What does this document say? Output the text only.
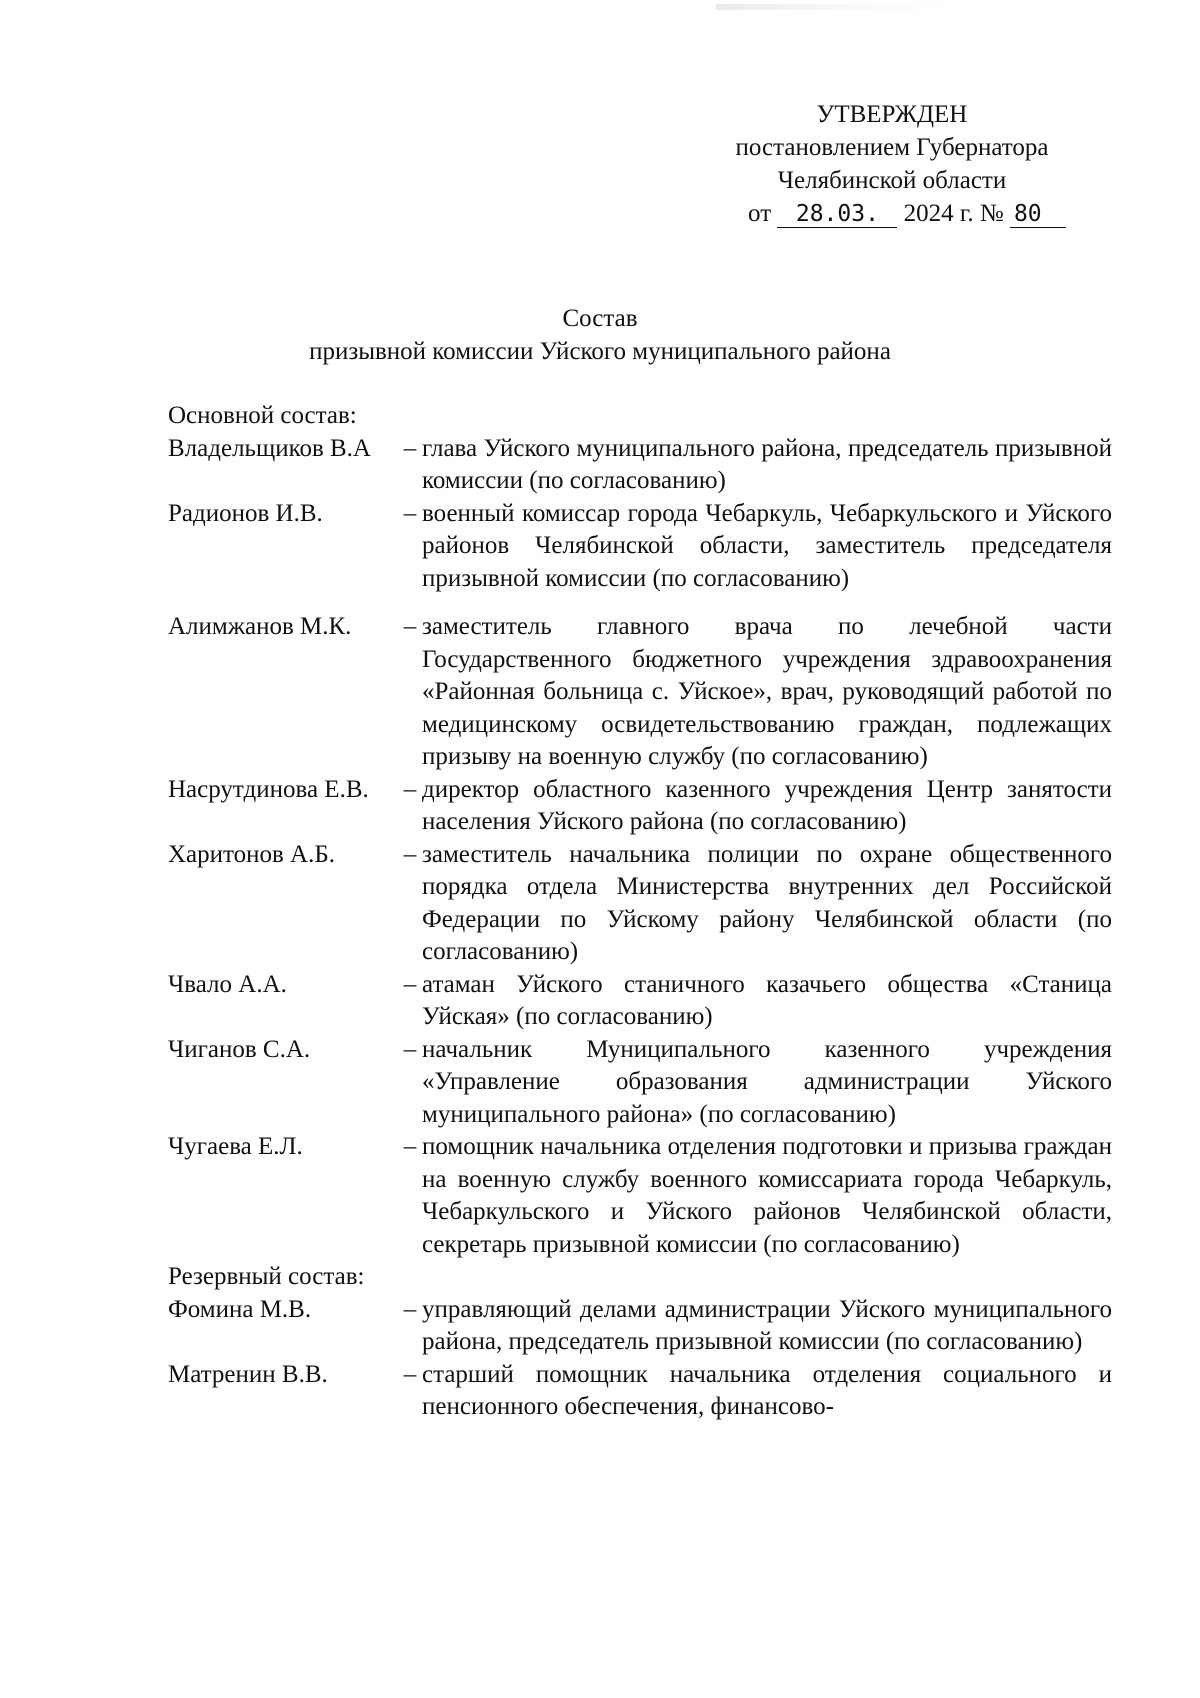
УТВЕРЖДЕН
постановлением Губернатора
Челябинской области
от 28.03. 2024 г. № 80
Состав
призывной комиссии Уйского муниципального района
Основной состав:
Владельщиков В.А	– глава Уйского муниципального района, председатель призывной комиссии (по согласованию)
Радионов И.В.	– военный комиссар города Чебаркуль, Чебаркульского и Уйского районов Челябинской области, заместитель председателя призывной комиссии (по согласованию)
Алимжанов М.К.	– заместитель главного врача по лечебной части Государственного бюджетного учреждения здравоохранения «Районная больница с. Уйское», врач, руководящий работой по медицинскому освидетельствованию граждан, подлежащих призыву на военную службу (по согласованию)
Насрутдинова Е.В.	– директор областного казенного учреждения Центр занятости населения Уйского района (по согласованию)
Харитонов А.Б.	– заместитель начальника полиции по охране общественного порядка отдела Министерства внутренних дел Российской Федерации по Уйскому району Челябинской области (по согласованию)
Чвало А.А.	– атаман Уйского станичного казачьего общества «Станица Уйская» (по согласованию)
Чиганов С.А.	– начальник Муниципального казенного учреждения «Управление образования администрации Уйского муниципального района» (по согласованию)
Чугаева Е.Л.	– помощник начальника отделения подготовки и призыва граждан на военную службу военного комиссариата города Чебаркуль, Чебаркульского и Уйского районов Челябинской области, секретарь призывной комиссии (по согласованию)
Резервный состав:
Фомина М.В.	– управляющий делами администрации Уйского муниципального района, председатель призывной комиссии (по согласованию)
Матренин В.В.	– старший помощник начальника отделения социального и пенсионного обеспечения, финансово-
